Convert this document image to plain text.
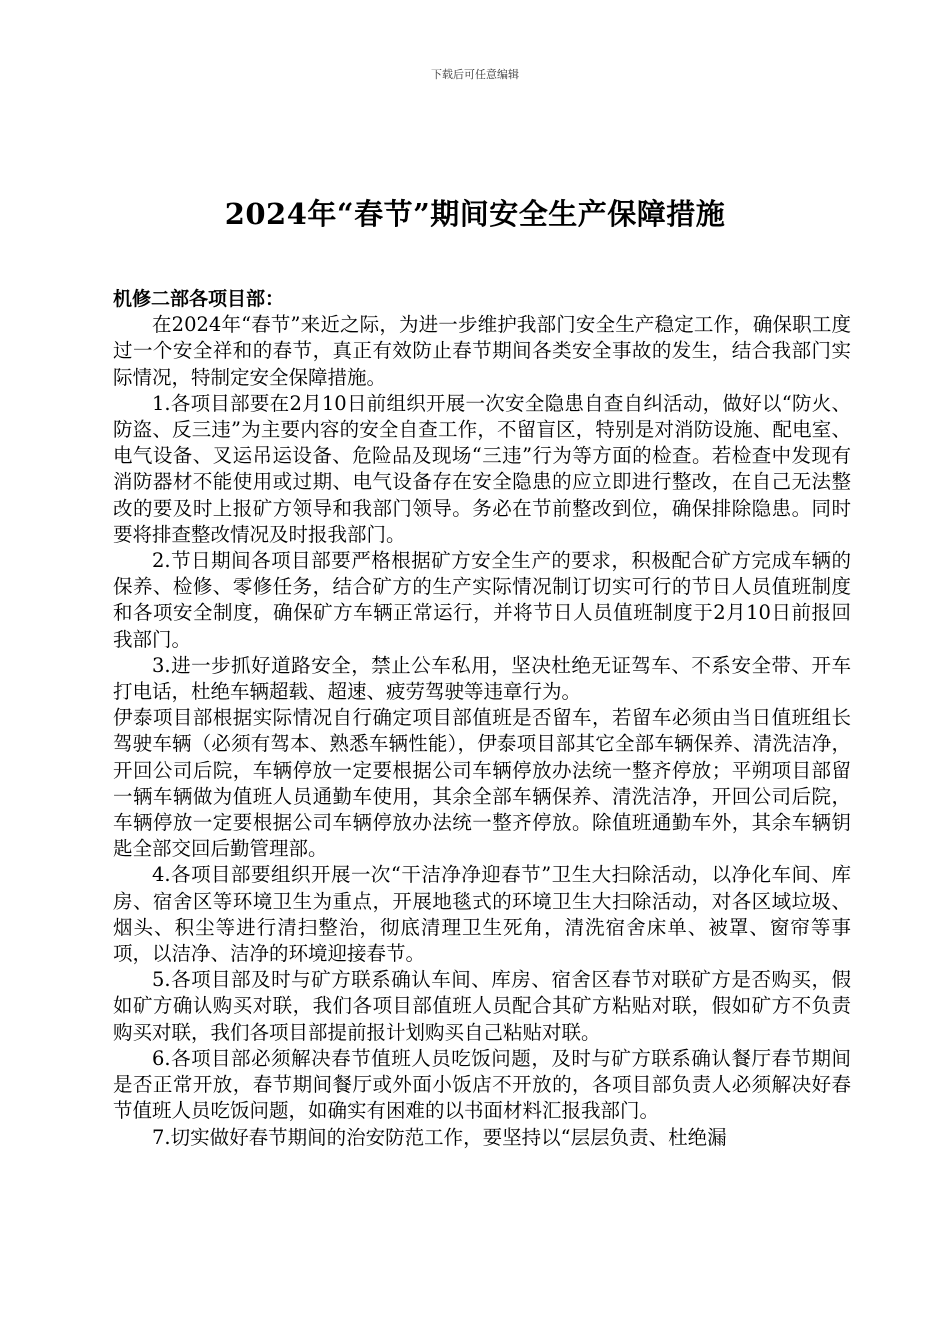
下载后可任意编辑
2024年“春节”期间安全生产保障措施
机修二部各项目部：

在2024年“春节”来近之际，为进一步维护我部门安全生产稳定工作，确保职工度过一个安全祥和的春节，真正有效防止春节期间各类安全事故的发生，结合我部门实际情况，特制定安全保障措施。

1.各项目部要在2月10日前组织开展一次安全隐患自查自纠活动，做好以“防火、防盗、反三违”为主要内容的安全自查工作，不留盲区，特别是对消防设施、配电室、电气设备、叉运吊运设备、危险品及现场“三违”行为等方面的检查。若检查中发现有消防器材不能使用或过期、电气设备存在安全隐患的应立即进行整改，在自己无法整改的要及时上报矿方领导和我部门领导。务必在节前整改到位，确保排除隐患。同时要将排查整改情况及时报我部门。

2.节日期间各项目部要严格根据矿方安全生产的要求，积极配合矿方完成车辆的保养、检修、零修任务，结合矿方的生产实际情况制订切实可行的节日人员值班制度和各项安全制度，确保矿方车辆正常运行，并将节日人员值班制度于2月10日前报回我部门。

3.进一步抓好道路安全，禁止公车私用，坚决杜绝无证驾车、不系安全带、开车打电话，杜绝车辆超载、超速、疲劳驾驶等违章行为。

伊泰项目部根据实际情况自行确定项目部值班是否留车，若留车必须由当日值班组长驾驶车辆（必须有驾本、熟悉车辆性能），伊泰项目部其它全部车辆保养、清洗洁净，开回公司后院，车辆停放一定要根据公司车辆停放办法统一整齐停放；平朔项目部留一辆车辆做为值班人员通勤车使用，其余全部车辆保养、清洗洁净，开回公司后院，车辆停放一定要根据公司车辆停放办法统一整齐停放。除值班通勤车外，其余车辆钥匙全部交回后勤管理部。

4.各项目部要组织开展一次“干洁净净迎春节”卫生大扫除活动，以净化车间、库房、宿舍区等环境卫生为重点，开展地毯式的环境卫生大扫除活动，对各区域垃圾、烟头、积尘等进行清扫整治，彻底清理卫生死角，清洗宿舍床单、被罩、窗帘等事项，以洁净、洁净的环境迎接春节。

5.各项目部及时与矿方联系确认车间、库房、宿舍区春节对联矿方是否购买，假如矿方确认购买对联，我们各项目部值班人员配合其矿方粘贴对联，假如矿方不负责购买对联，我们各项目部提前报计划购买自己粘贴对联。

6.各项目部必须解决春节值班人员吃饭问题，及时与矿方联系确认餐厅春节期间是否正常开放，春节期间餐厅或外面小饭店不开放的，各项目部负责人必须解决好春节值班人员吃饭问题，如确实有困难的以书面材料汇报我部门。

7.切实做好春节期间的治安防范工作，要坚持以“层层负责、杜绝漏
